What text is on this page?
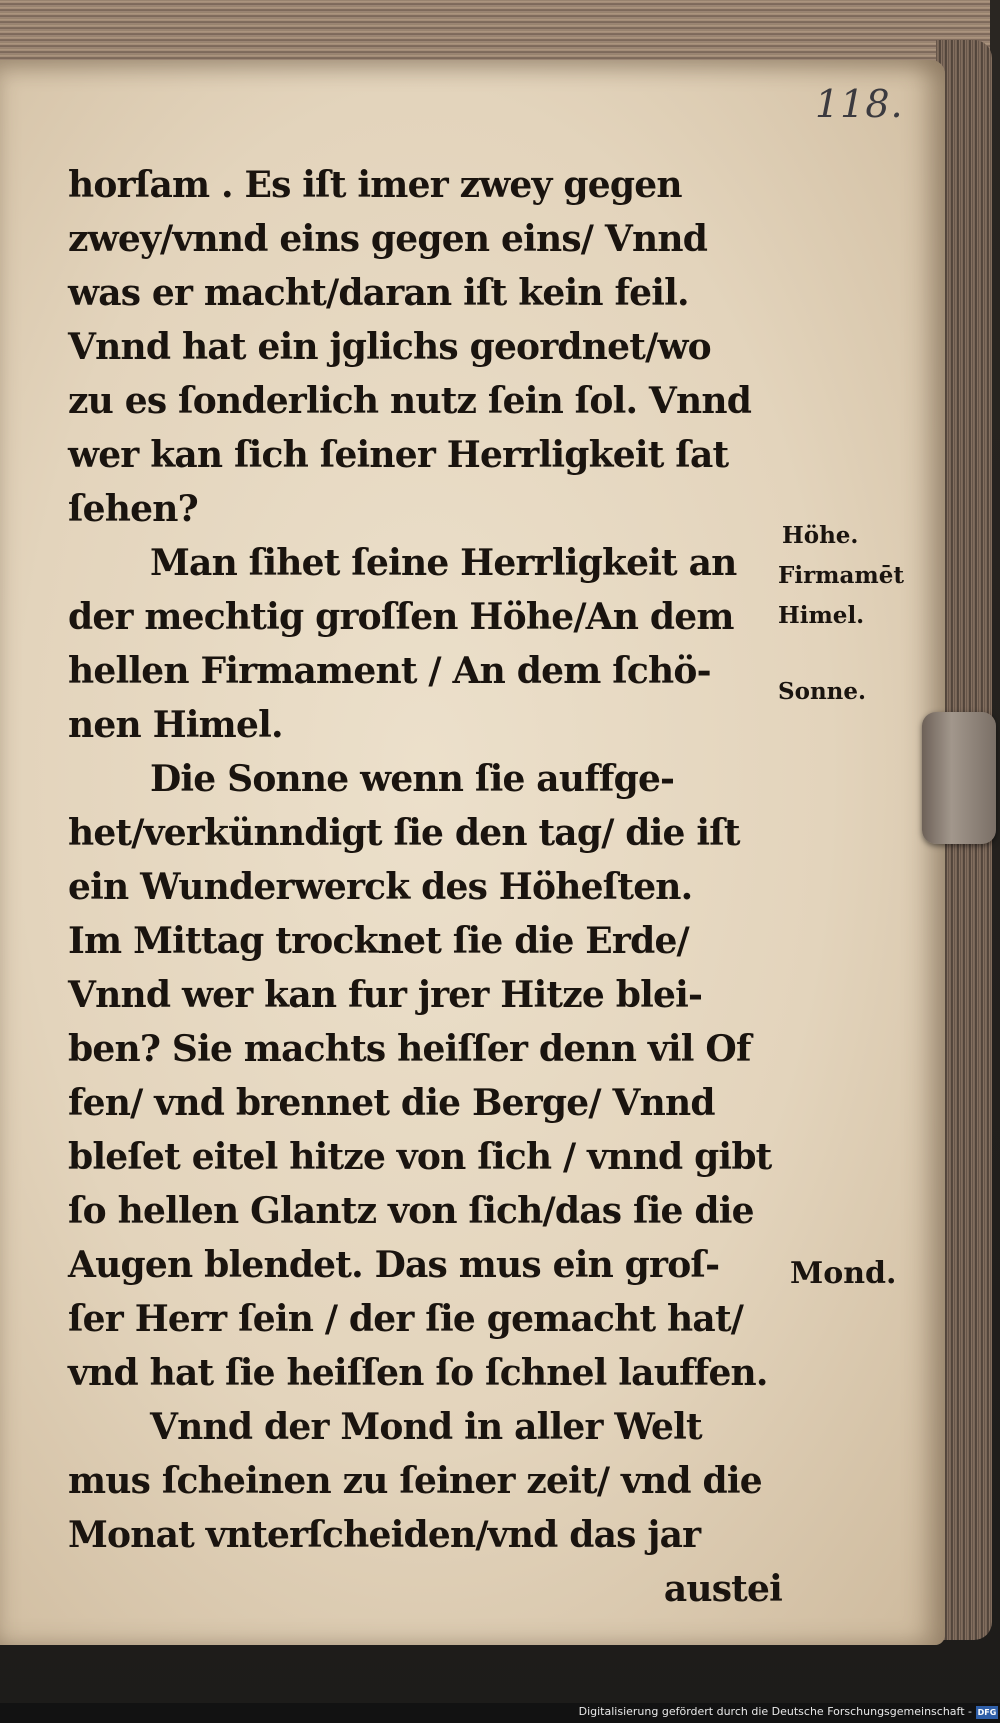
118.
horſam . Es iſt imer zwey gegen
zwey/vnnd eins gegen eins/ Vnnd
was er macht/daran iſt kein feil.
Vnnd hat ein jglichs geordnet/wo
zu es ſonderlich nutz ſein ſol. Vnnd
wer kan ſich ſeiner Herrligkeit ſat
ſehen?
Man ſihet ſeine Herrligkeit an
der mechtig groſſen Höhe/An dem
hellen Firmament / An dem ſchö-
nen Himel.
Die Sonne wenn ſie auffge-
het/verkünndigt ſie den tag/ die iſt
ein Wunderwerck des Höheſten.
Im Mittag trocknet ſie die Erde/
Vnnd wer kan fur jrer Hitze blei-
ben? Sie machts heiſſer denn vil Of
fen/ vnd brennet die Berge/ Vnnd
bleſet eitel hitze von ſich / vnnd gibt
ſo hellen Glantz von ſich/das ſie die
Augen blendet. Das mus ein groſ-
ſer Herr ſein / der ſie gemacht hat/
vnd hat ſie heiſſen ſo ſchnel lauffen.
Vnnd der Mond in aller Welt
mus ſcheinen zu ſeiner zeit/ vnd die
Monat vnterſcheiden/vnd das jar
austei
Höhe.
Firmamēt
Himel.
Sonne.
Mond.
Digitalisierung gefördert durch die Deutsche Forschungsgemeinschaft - DFG
